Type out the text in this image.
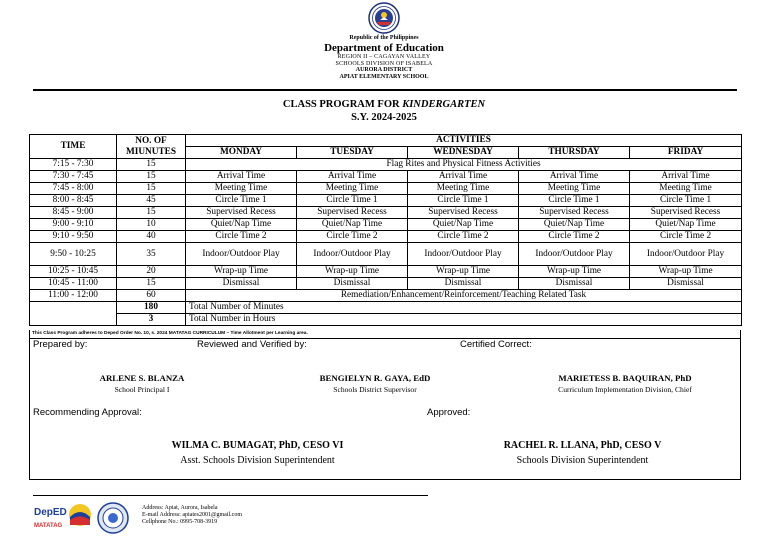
Republic of the Philippines
Department of Education
REGION II – CAGAYAN VALLEY
SCHOOLS DIVISION OF ISABELA
AURORA DISTRICT
APIAT ELEMENTARY SCHOOL
CLASS PROGRAM FOR KINDERGARTEN
S.Y. 2024-2025
TIME	NO. OF MIUNUTES	ACTIVITIES				
		MONDAY	TUESDAY	WEDNESDAY	THURSDAY	FRIDAY
7:15 - 7:30	15	Flag Rites and Physical Fitness Activities				
7:30 - 7:45	15	Arrival Time	Arrival Time	Arrival Time	Arrival Time	Arrival Time
7:45 - 8:00	15	Meeting Time	Meeting Time	Meeting Time	Meeting Time	Meeting Time
8:00 - 8:45	45	Circle Time 1	Circle Time 1	Circle Time 1	Circle Time 1	Circle Time 1
8:45 - 9:00	15	Supervised Recess	Supervised Recess	Supervised Recess	Supervised Recess	Supervised Recess
9:00 - 9:10	10	Quiet/Nap Time	Quiet/Nap Time	Quiet/Nap Time	Quiet/Nap Time	Quiet/Nap Time
9:10 - 9:50	40	Circle Time 2	Circle Time 2	Circle Time 2	Circle Time 2	Circle Time 2
9:50 - 10:25	35	Indoor/Outdoor Play	Indoor/Outdoor Play	Indoor/Outdoor Play	Indoor/Outdoor Play	Indoor/Outdoor Play
10:25 - 10:45	20	Wrap-up Time	Wrap-up Time	Wrap-up Time	Wrap-up Time	Wrap-up Time
10:45 - 11:00	15	Dismissal	Dismissal	Dismissal	Dismissal	Dismissal
11:00 - 12:00	60	Remediation/Enhancement/Reinforcement/Teaching Related Task				
	180	Total Number of Minutes				
	3	Total Number in Hours				
This Class Program adheres to Deped Order No. 10, s. 2024 MATATAG CURRICULUM – Time Allotment per Learning area.
Prepared by:	Reviewed and Verified by:	Certified Correct:
ARLENE S. BLANZA
School Principal I
BENGIELYN R. GAYA, EdD
Schools District Supervisor
MARIETESS B. BAQUIRAN, PhD
Curriculum Implementation Division, Chief
Recommending Approval:	Approved:
WILMA C. BUMAGAT, PhD, CESO VI
Asst. Schools Division Superintendent
RACHEL R. LLANA, PhD, CESO V
Schools Division Superintendent
DepED
MATATAG
Address: Apiat, Aurora, Isabela
E-mail Address: apiates2001@gmail.com
Cellphone No.: 0995-708-3919
